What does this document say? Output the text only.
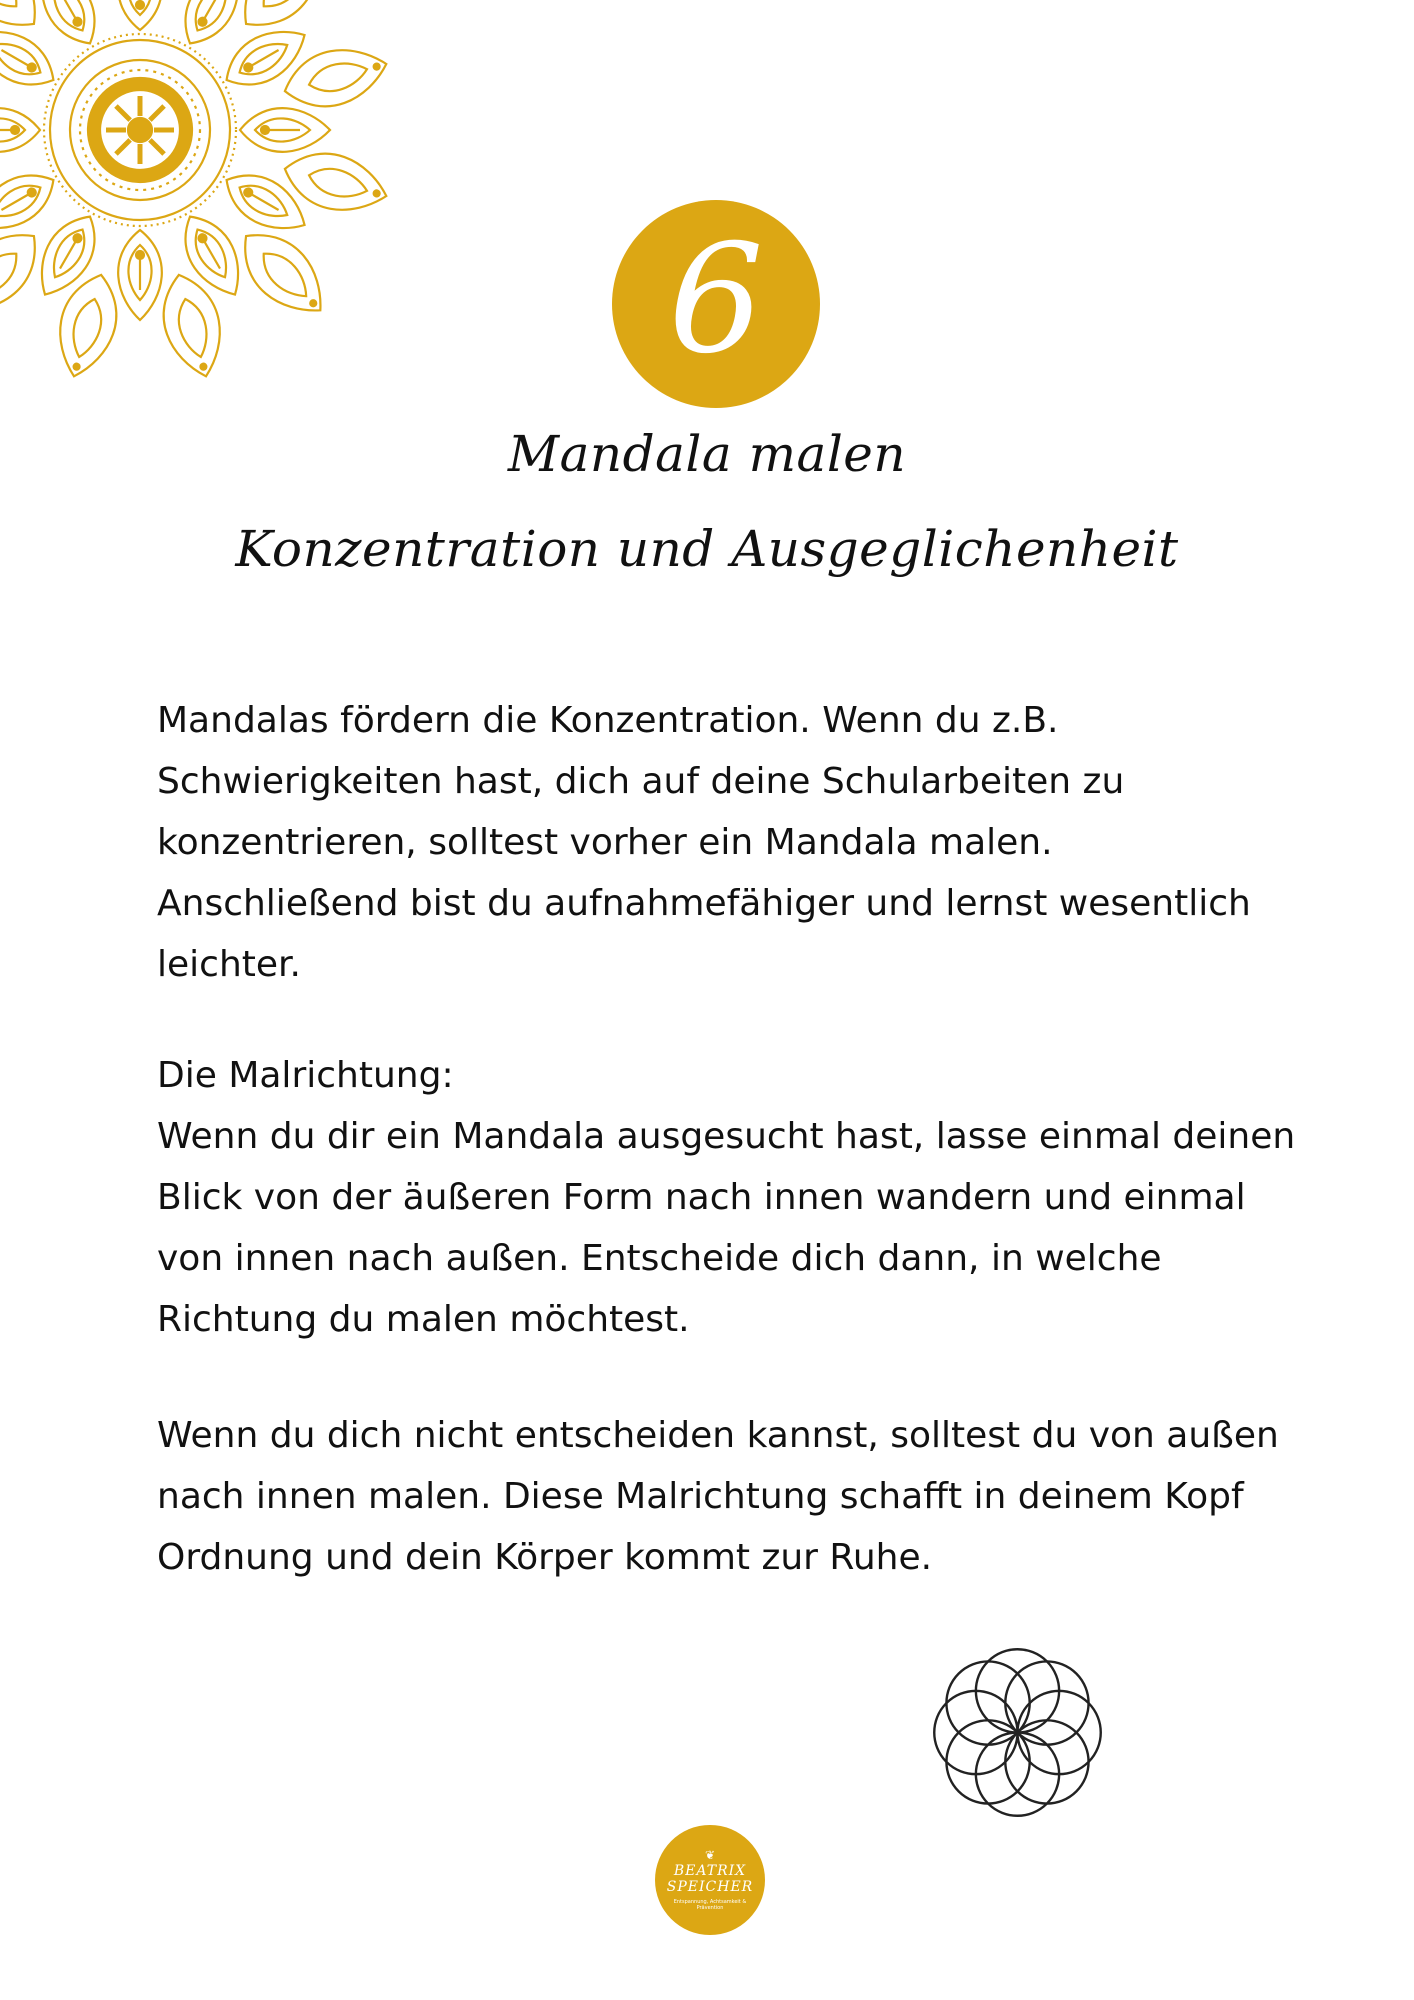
6
Mandala malen
Konzentration und Ausgeglichenheit

Mandalas fördern die Konzentration. Wenn du z.B. Schwierigkeiten hast, dich auf deine Schularbeiten zu konzentrieren, solltest vorher ein Mandala malen. Anschließend bist du aufnahmefähiger und lernst wesentlich leichter.

Die Malrichtung:

Wenn du dir ein Mandala ausgesucht hast, lasse einmal deinen Blick von der äußeren Form nach innen wandern und einmal von innen nach außen. Entscheide dich dann, in welche Richtung du malen möchtest.

Wenn du dich nicht entscheiden kannst, solltest du von außen nach innen malen. Diese Malrichtung schafft in deinem Kopf Ordnung und dein Körper kommt zur Ruhe.

❦
BEATRIX
SPEICHER
Entspannung, Achtsamkeit & Prävention
